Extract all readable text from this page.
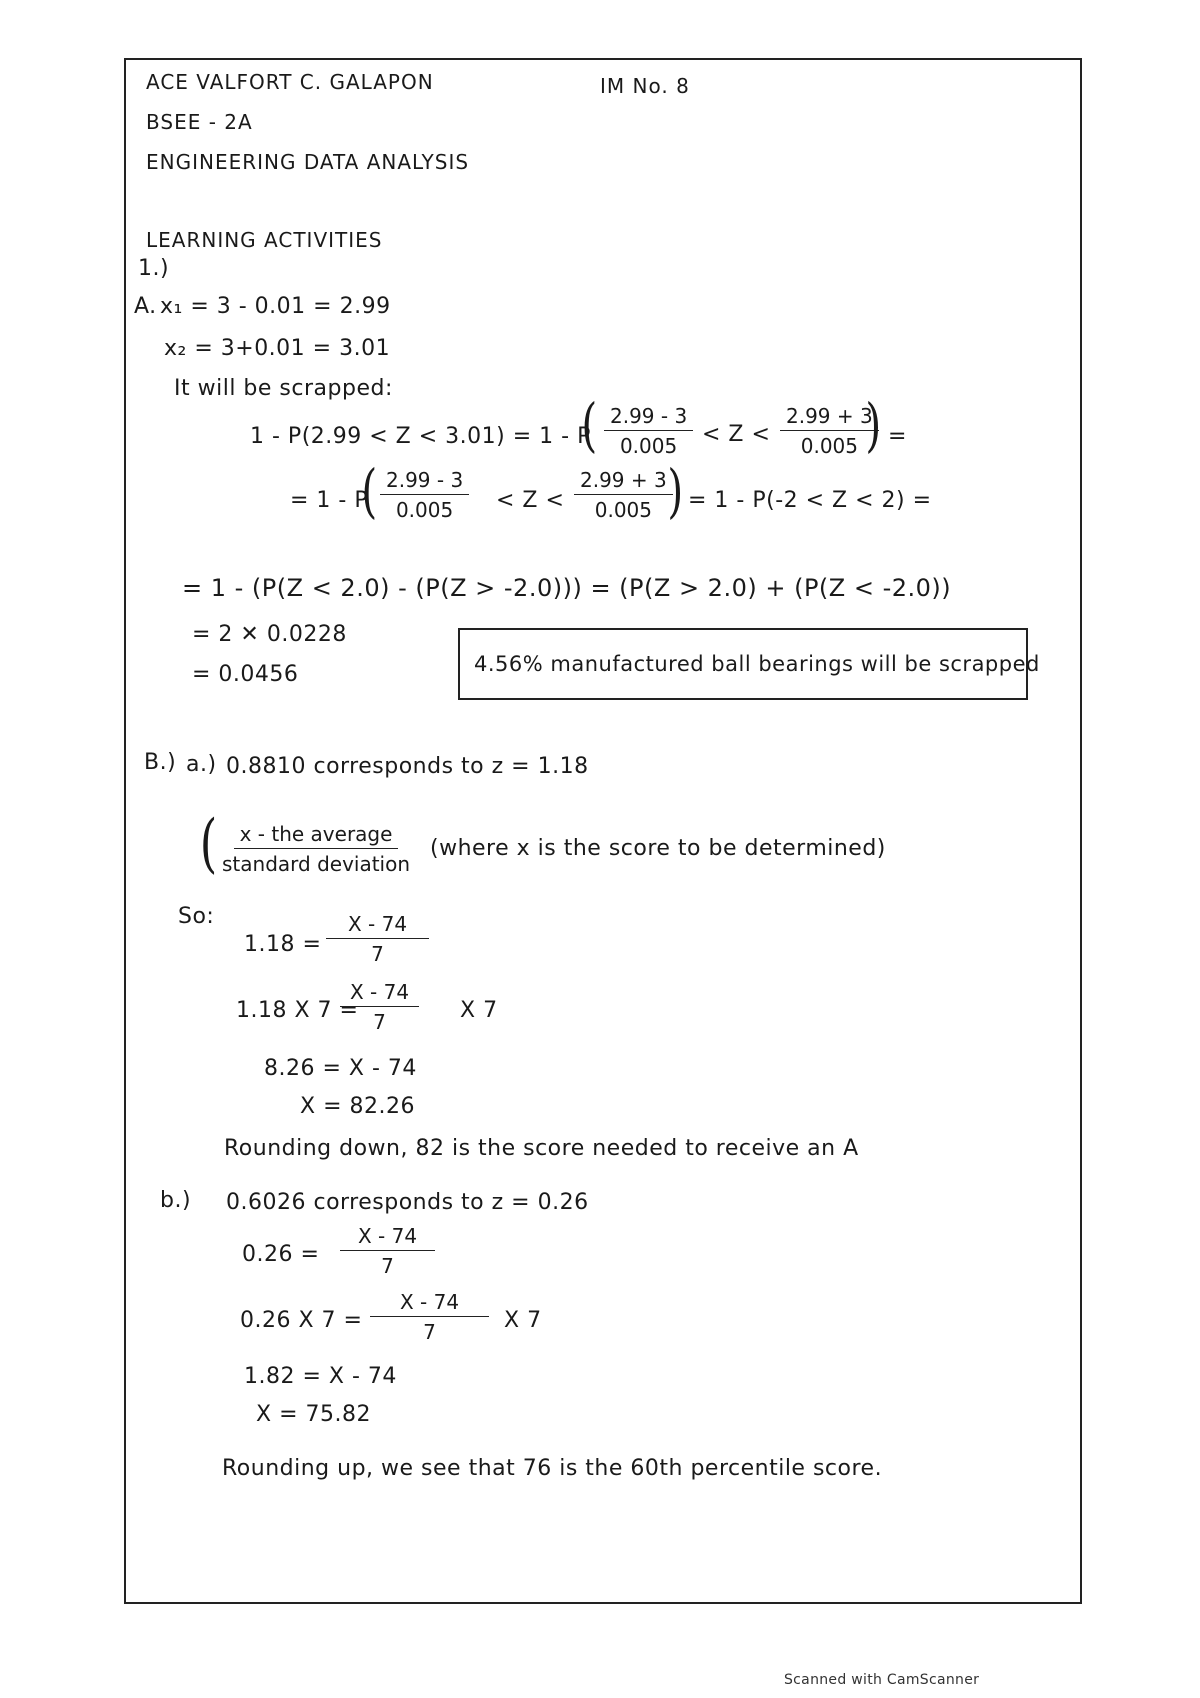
ACE VALFORT C. GALAPON	IM No. 8
BSEE - 2A
ENGINEERING DATA ANALYSIS
LEARNING ACTIVITIES
1.)
A. x₁ = 3 - 0.01 = 2.99
x₂ = 3+0.01 = 3.01
It will be scrapped:
1 - P(2.99 < Z < 3.01) = 1 - P
( $\frac{2.99 - 3}{0.005} < Z < \frac{2.99 + 3}{0.005}$
) =
= 1 - P
( $\frac{2.99 - 3}{0.005} < Z < \frac{2.99 + 3}{0.005}$
) = 1 - P(-2 < Z < 2) =
= 1 - (P(Z < 2.0) - (P(Z > -2.0))) = (P(Z > 2.0) + (P(Z < -2.0))
= 2 ✕ 0.0228
= 0.0456	4.56% manufactured ball bearings will be scrapped
B.) a.) 0.8810 corresponds to z = 1.18
(	x - the average
standard deviation
(where x is the score to be determined)
So:
$1.18 = \frac{X - 74}{7}$
1.18 X 7 =
$\frac{X - 74}{7}$ X 7
8.26 = X - 74
X = 82.26
Rounding down, 82 is the score needed to receive an A
b.) 0.6026 corresponds to z = 0.26
$0.26 = \frac{X - 74}{7}$
0.26 X $7 = \frac{X - 74}{7}$ X 7
1.82 = X - 74
X = 75.82
Rounding up, we see that 76 is the 60th percentile score.
Scanned with CamScanner
